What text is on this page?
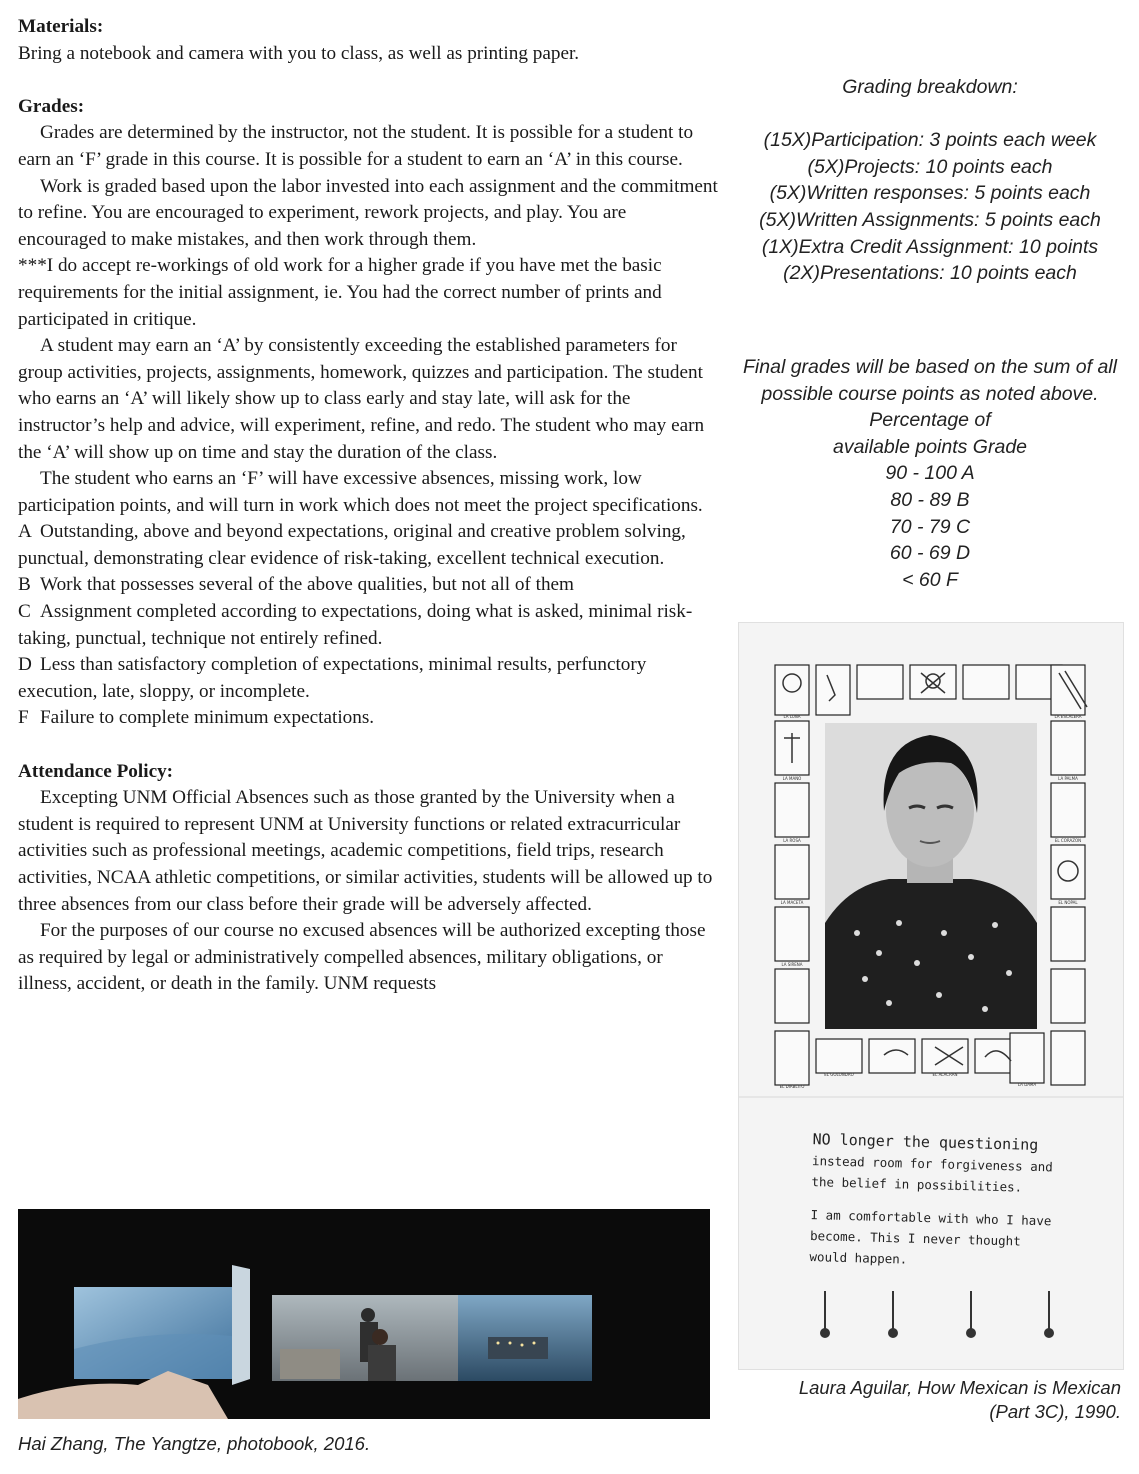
Materials:

Bring a notebook and camera with you to class, as well as printing paper.

Grades:

Grades are determined by the instructor, not the student. It is possible for a student to earn an ‘F’ grade in this course. It is possible for a student to earn an ‘A’ in this course.

Work is graded based upon the labor invested into each assignment and the commitment to refine. You are encouraged to experiment, rework projects, and play. You are encouraged to make mistakes, and then work through them.

***I do accept re-workings of old work for a higher grade if you have met the basic requirements for the initial assignment, ie. You had the correct number of prints and participated in critique.

A student may earn an ‘A’ by consistently exceeding the established parameters for group activities, projects, assignments, homework, quizzes and participation. The student who earns an ‘A’ will likely show up to class early and stay late, will ask for the instructor’s help and advice, will experiment, refine, and redo. The student who may earn the ‘A’ will show up on time and stay the duration of the class.

The student who earns an ‘F’ will have excessive absences, missing work, low participation points, and will turn in work which does not meet the project specifications.

A Outstanding, above and beyond expectations, original and creative problem solving, punctual, demonstrating clear evidence of risk-taking, excellent technical execution.

B Work that possesses several of the above qualities, but not all of them

C Assignment completed according to expectations, doing what is asked, minimal risk-taking, punctual, technique not entirely refined.

D Less than satisfactory completion of expectations, minimal results, perfunctory execution, late, sloppy, or incomplete.

F Failure to complete minimum expectations.

Attendance Policy:

Excepting UNM Official Absences such as those granted by the University when a student is required to represent UNM at University functions or related extracurricular activities such as professional meetings, academic competitions, field trips, research activities, NCAA athletic competitions, or similar activities, students will be allowed up to three absences from our class before their grade will be adversely affected.

For the purposes of our course no excused absences will be authorized excepting those as required by legal or administratively compelled absences, military obligations, or illness, accident, or death in the family. UNM requests

Grading breakdown:

(15X)Participation: 3 points each week

(5X)Projects: 10 points each

(5X)Written responses: 5 points each

(5X)Written Assignments: 5 points each

(1X)Extra Credit Assignment: 10 points

(2X)Presentations: 10 points each

Final grades will be based on the sum of all

possible course points as noted above.

Percentage of

available points Grade

90 - 100 A

80 - 89 B

70 - 79 C

60 - 69 D

< 60 F

LA LUNA	LA ESCALERA
LA PALMA
LA MANO
EL CORAZON
LA ROSA
EL NOPAL
LA MACETA
LA SIRENA
EL DIABLITO
EL GOLONDRO	EL ALACRAN
LA DAMA
NO longer the questioning
instead room for forgiveness and
the belief in possibilities.
I am comfortable with who I have
become. This I never thought
would happen.
Laura Aguilar, How Mexican is Mexican
(Part 3C), 1990.
Hai Zhang, The Yangtze, photobook, 2016.
